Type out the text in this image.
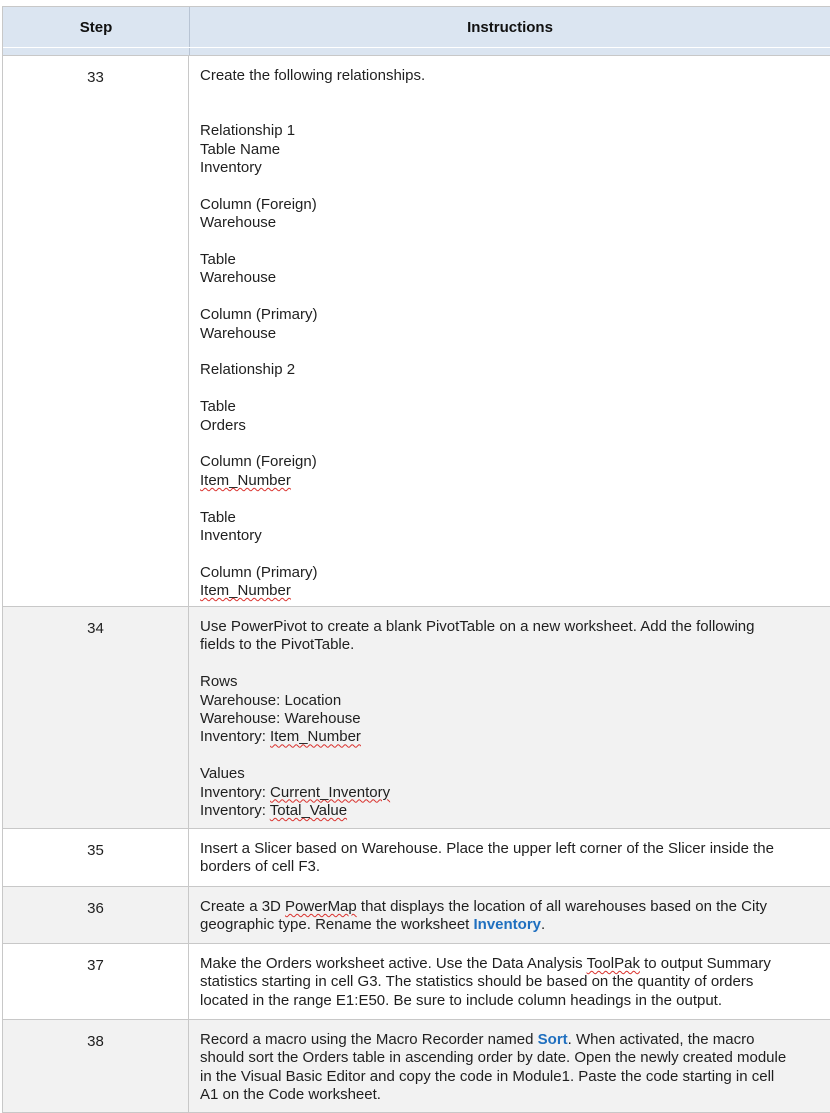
Step	Instructions
33	Create the following relationships.
Relationship 1
Table Name
Inventory
Column (Foreign)
Warehouse
Table
Warehouse
Column (Primary)
Warehouse
Relationship 2
Table
Orders
Column (Foreign)
Item_Number
Table
Inventory
Column (Primary)
Item_Number
34	Use PowerPivot to create a blank PivotTable on a new worksheet. Add the following
fields to the PivotTable.
Rows
Warehouse: Location
Warehouse: Warehouse
Inventory: Item_Number
Values
Inventory: Current_Inventory
Inventory: Total_Value
35	Insert a Slicer based on Warehouse. Place the upper left corner of the Slicer inside the
borders of cell F3.
36	Create a 3D PowerMap that displays the location of all warehouses based on the City
geographic type. Rename the worksheet Inventory.
37	Make the Orders worksheet active. Use the Data Analysis ToolPak to output Summary
statistics starting in cell G3. The statistics should be based on the quantity of orders
located in the range E1:E50. Be sure to include column headings in the output.
38	Record a macro using the Macro Recorder named Sort. When activated, the macro
should sort the Orders table in ascending order by date. Open the newly created module
in the Visual Basic Editor and copy the code in Module1. Paste the code starting in cell
A1 on the Code worksheet.
